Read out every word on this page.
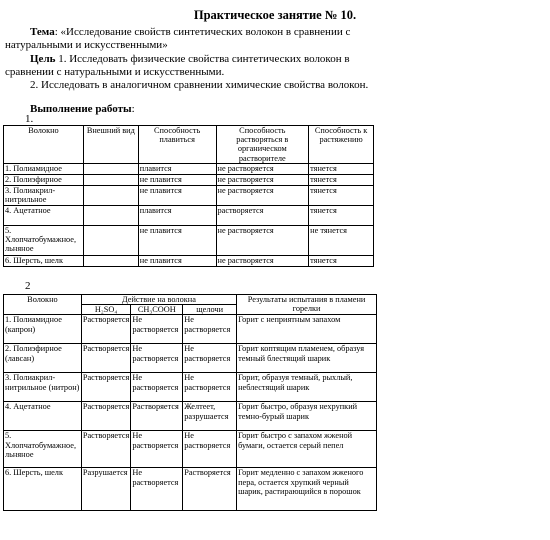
Практическое занятие № 10.
Тема: «Исследование свойств синтетических волокон в сравнении с натуральными и искусственными»
Цель 1. Исследовать физические свойства синтетических волокон в сравнении с натуральными и искусственными.
2. Исследовать в аналогичном сравнении химические свойства волокон.
Выполнение работы:
1.
Волокно	Внешний вид	Способность плавиться	Способность растворяться в органическом растворителе	Способность к растяжению
1. Полиамидное		плавится	не растворяется	тянется
2. Полиэфирное		не плавится	не растворяется	тянется
3. Полиакрил-нитрильное		не плавится	не растворяется	тянется
4. Ацетатное		плавится	растворяется	тянется
5. Хлопчатобумажное, льняное		не плавится	не растворяется	не тянется
6. Шерсть, шелк		не плавится	не растворяется	тянется
2
Волокно	Действие на волокна			Результаты испытания в пламени горелки
	H₂SO₄	CH₃COOH	щелочи	
1. Полиамидное (капрон)	Растворяется	Не растворяется	Не растворяется	Горит с неприятным запахом
2. Полиэфирное (лавсан)	Растворяется	Не растворяется	Не растворяется	Горит коптящим пламенем, образуя темный блестящий шарик
3. Полиакрил-нитрильное (нитрон)	Растворяется	Не растворяется	Не растворяется	Горит, образуя темный, рыхлый, неблестящий шарик
4. Ацетатное	Растворяется	Растворяется	Желтеет, разрушается	Горит быстро, образуя нехрупкий темно-бурый шарик
5. Хлопчатобумажное, льняное	Растворяется	Не растворяется	Не растворяется	Горит быстро с запахом жженой бумаги, остается серый пепел
6. Шерсть, шелк	Разрушается	Не растворяется	Растворяется	Горит медленно с запахом жженого пера, остается хрупкий черный шарик, растирающийся в порошок
